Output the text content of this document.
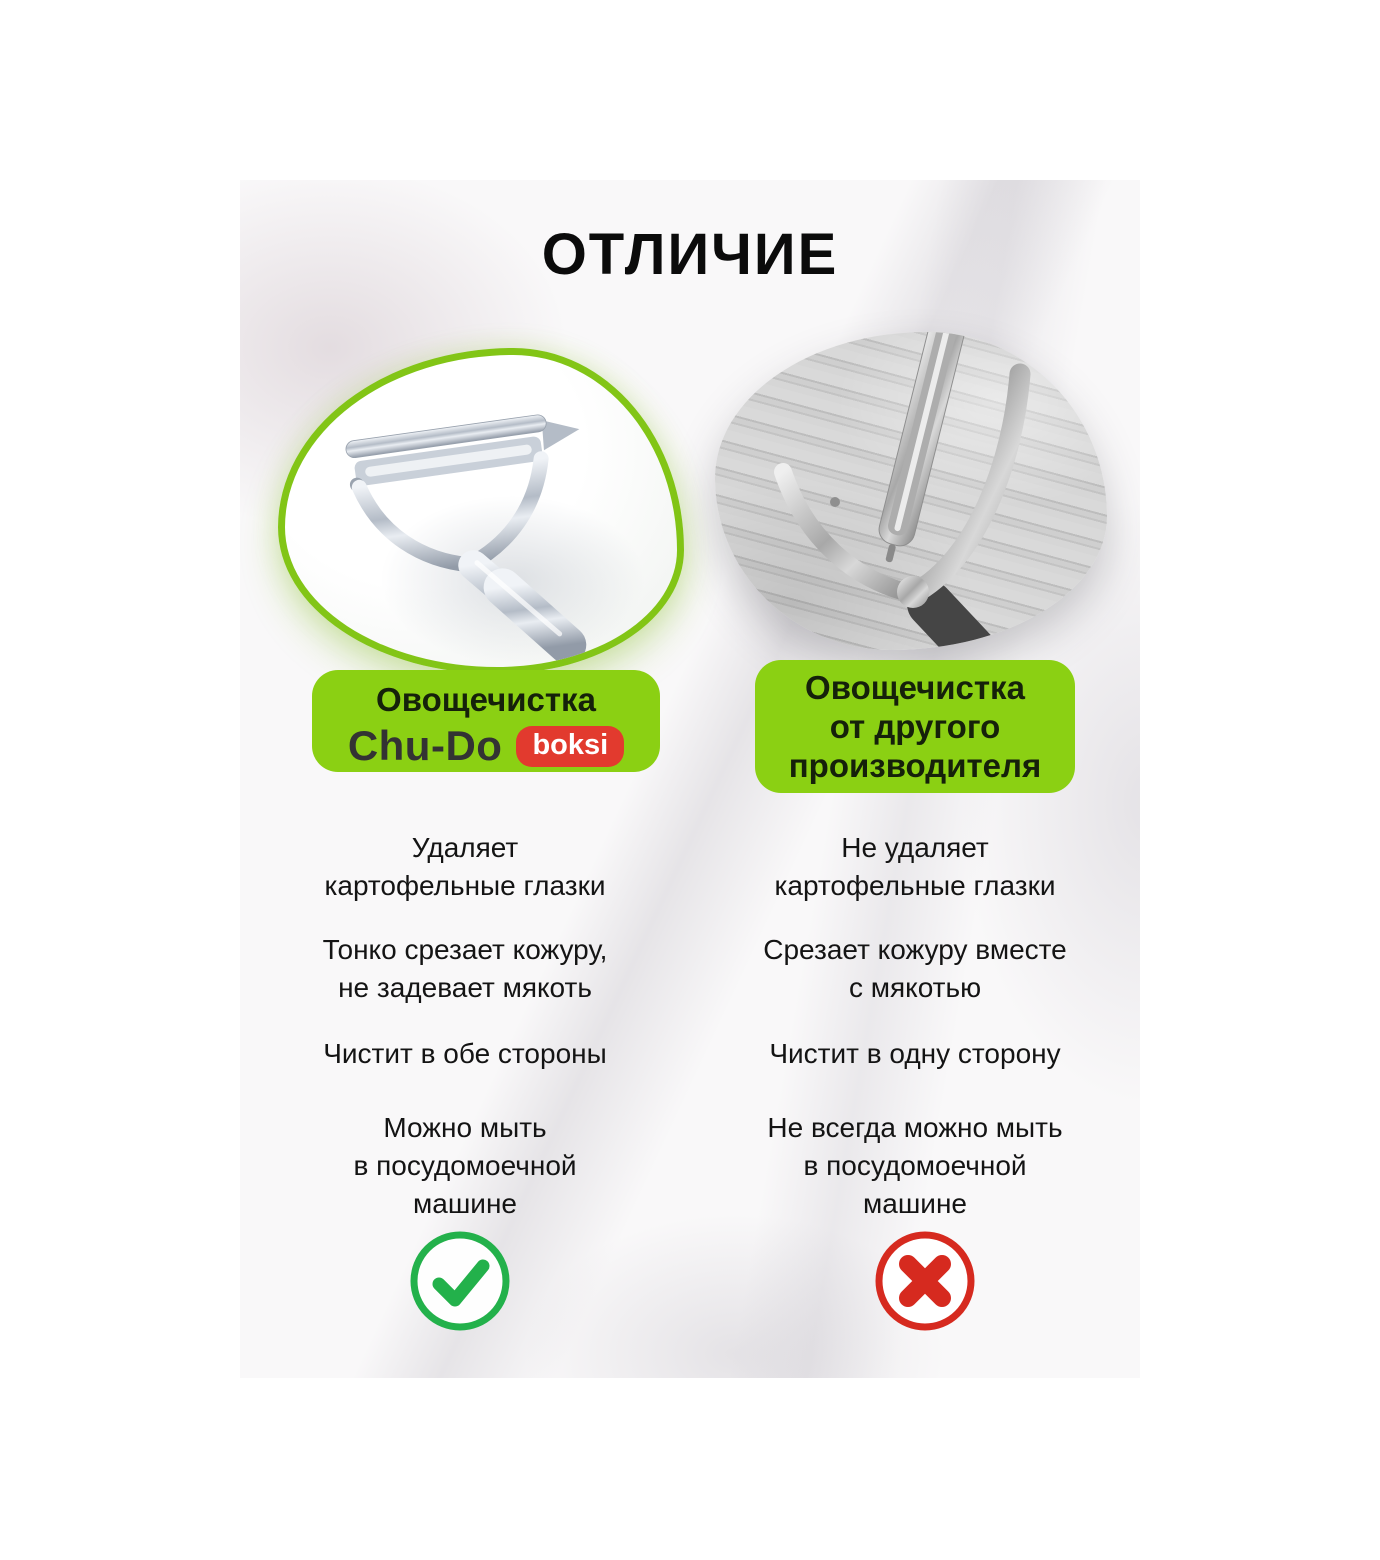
ОТЛИЧИЕ
Овощечистка
Chu-Do	boksi
Удаляет
картофельные глазки
Тонко срезает кожуру,
не задевает мякоть
Чистит в обе стороны
Можно мыть
в посудомоечной
машине
Овощечистка
от другого
производителя
Не удаляет
картофельные глазки
Срезает кожуру вместе
с мякотью
Чистит в одну сторону
Не всегда можно мыть
в посудомоечной
машине
